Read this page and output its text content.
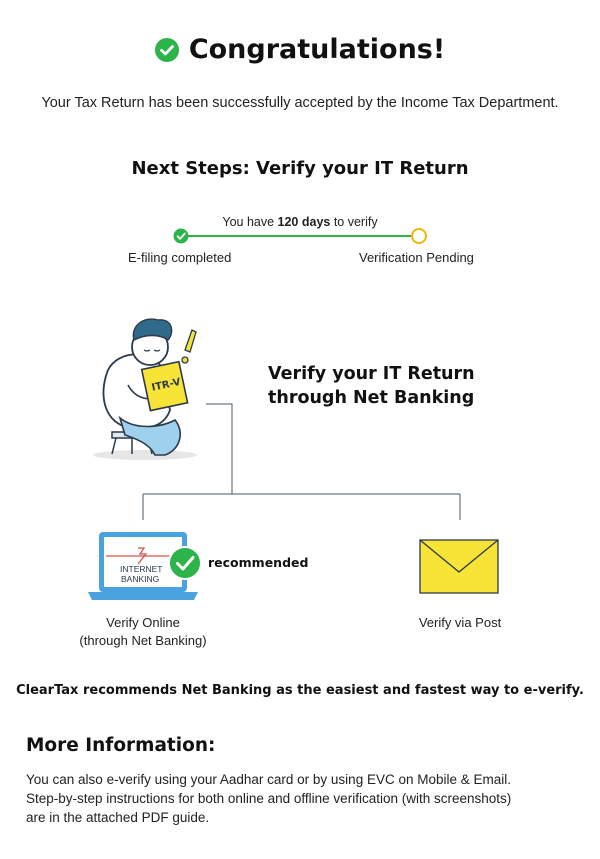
Congratulations!
Your Tax Return has been successfully accepted by the Income Tax Department.
Next Steps: Verify your IT Return
You have 120 days to verify
E-filing completed	Verification Pending
ITR-V
INTERNET
BANKING
Verify your IT Return
through Net Banking
recommended
Verify Online
(through Net Banking)
Verify via Post
ClearTax recommends Net Banking as the easiest and fastest way to e-verify.
More Information:
You can also e-verify using your Aadhar card or by using EVC on Mobile & Email.
Step-by-step instructions for both online and offline verification (with screenshots)
are in the attached PDF guide.
